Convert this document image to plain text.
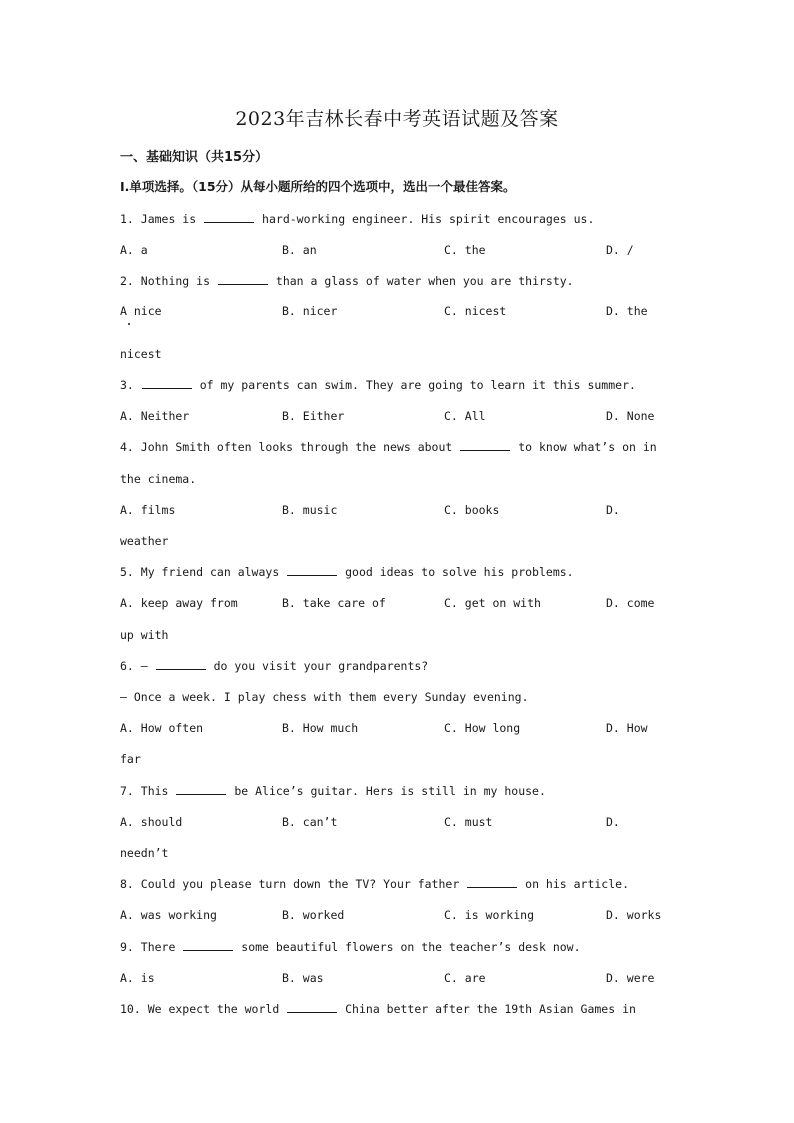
2023年吉林长春中考英语试题及答案
一、基础知识（共15分）
I.单项选择。（15分）从每小题所给的四个选项中，选出一个最佳答案。
1. James is	hard-working engineer. His spirit encourages us.
A. a	B. an	C. the	D. /
2. Nothing is	than a glass of water when you are thirsty.
A nice	B. nicer	C. nicest	D. the
nicest
3.	of my parents can swim. They are going to learn it this summer.
A. Neither	B. Either	C. All	D. None
4. John Smith often looks through the news about	to know what’s on in
the cinema.
A. films	B. music	C. books	D.
weather
5. My friend can always	good ideas to solve his problems.
A. keep away from	B. take care of	C. get on with	D. come
up with
6. —	do you visit your grandparents?
— Once a week. I play chess with them every Sunday evening.
A. How often	B. How much	C. How long	D. How
far
7. This	be Alice’s guitar. Hers is still in my house.
A. should	B. can’t	C. must	D.
needn’t
8. Could you please turn down the TV? Your father	on his article.
A. was working	B. worked	C. is working	D. works
9. There	some beautiful flowers on the teacher’s desk now.
A. is	B. was	C. are	D. were
10. We expect the world	China better after the 19th Asian Games in
